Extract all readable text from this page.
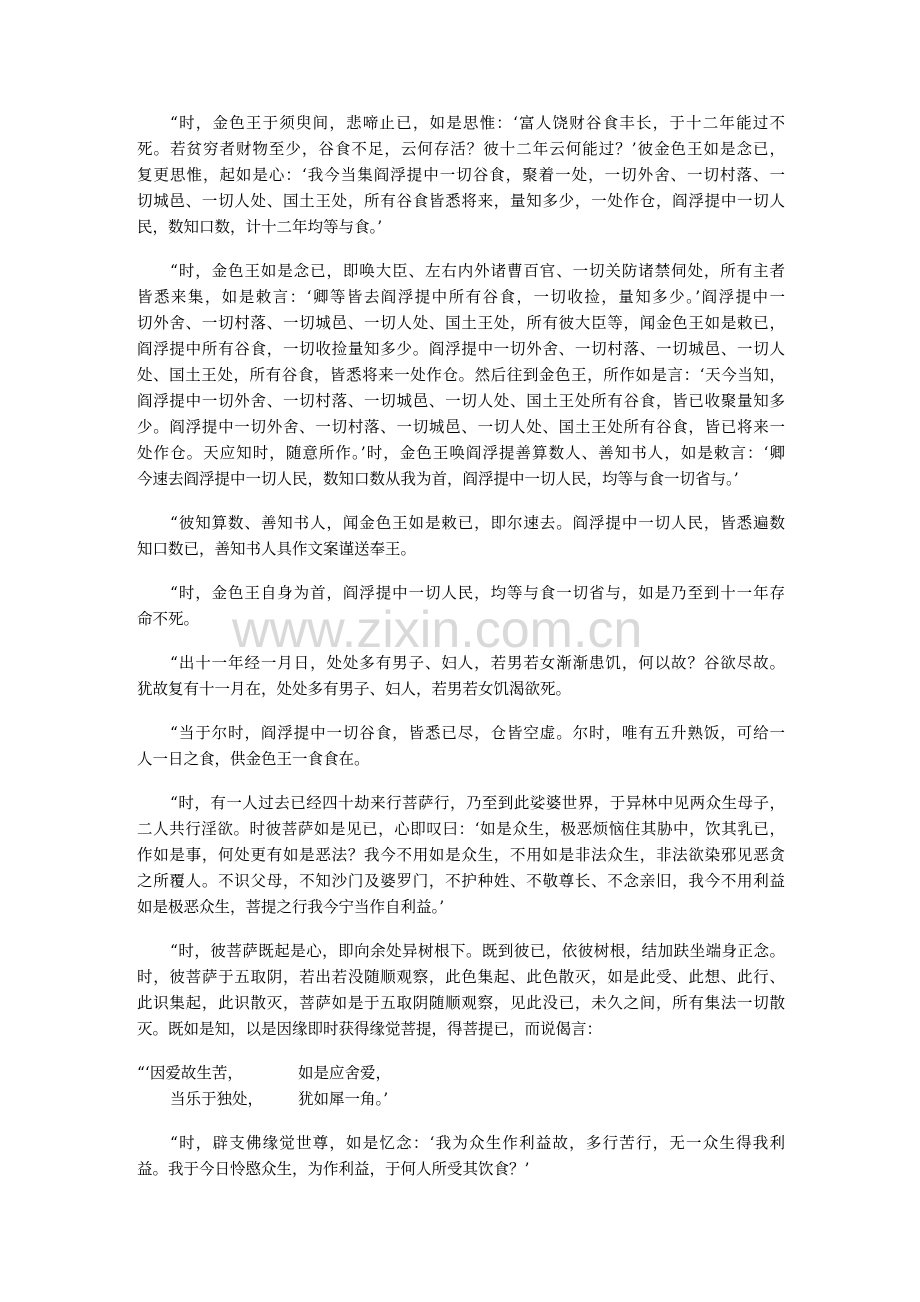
www.zixin.com.cn
“时，金色王于须臾间，悲啼止已，如是思惟：‘富人饶财谷食丰长，于十二年能过不
死。若贫穷者财物至少，谷食不足，云何存活？彼十二年云何能过？’彼金色王如是念已，
复更思惟，起如是心：‘我今当集阎浮提中一切谷食，聚着一处，一切外舍、一切村落、一
切城邑、一切人处、国土王处，所有谷食皆悉将来，量知多少，一处作仓，阎浮提中一切人
民，数知口数，计十二年均等与食。’
“时，金色王如是念已，即唤大臣、左右内外诸曹百官、一切关防诸禁伺处，所有主者
皆悉来集，如是敕言：‘卿等皆去阎浮提中所有谷食，一切收捡，量知多少。’阎浮提中一
切外舍、一切村落、一切城邑、一切人处、国土王处，所有彼大臣等，闻金色王如是敕已，
阎浮提中所有谷食，一切收捡量知多少。阎浮提中一切外舍、一切村落、一切城邑、一切人
处、国土王处，所有谷食，皆悉将来一处作仓。然后往到金色王，所作如是言：‘天今当知，
阎浮提中一切外舍、一切村落、一切城邑、一切人处、国土王处所有谷食，皆已收聚量知多
少。阎浮提中一切外舍、一切村落、一切城邑、一切人处、国土王处所有谷食，皆已将来一
处作仓。天应知时，随意所作。’时，金色王唤阎浮提善算数人、善知书人，如是敕言：‘卿
今速去阎浮提中一切人民，数知口数从我为首，阎浮提中一切人民，均等与食一切省与。’
“彼知算数、善知书人，闻金色王如是敕已，即尔速去。阎浮提中一切人民，皆悉遍数
知口数已，善知书人具作文案谨送奉王。
“时，金色王自身为首，阎浮提中一切人民，均等与食一切省与，如是乃至到十一年存
命不死。
“出十一年经一月日，处处多有男子、妇人，若男若女渐渐患饥，何以故？谷欲尽故。
犹故复有十一月在，处处多有男子、妇人，若男若女饥渴欲死。
“当于尔时，阎浮提中一切谷食，皆悉已尽，仓皆空虚。尔时，唯有五升熟饭，可给一
人一日之食，供金色王一食食在。
“时，有一人过去已经四十劫来行菩萨行，乃至到此娑婆世界，于异林中见两众生母子，
二人共行淫欲。时彼菩萨如是见已，心即叹曰：‘如是众生，极恶烦恼住其胁中，饮其乳已，
作如是事，何处更有如是恶法？我今不用如是众生，不用如是非法众生，非法欲染邪见恶贪
之所覆人。不识父母，不知沙门及婆罗门，不护种姓、不敬尊长、不念亲旧，我今不用利益
如是极恶众生，菩提之行我今宁当作自利益。’
“时，彼菩萨既起是心，即向余处异树根下。既到彼已，依彼树根，结加趺坐端身正念。
时，彼菩萨于五取阴，若出若没随顺观察，此色集起、此色散灭，如是此受、此想、此行、
此识集起，此识散灭，菩萨如是于五取阴随顺观察，见此没已，未久之间，所有集法一切散
灭。既如是知，以是因缘即时获得缘觉菩提，得菩提已，而说偈言：
“‘因爱故生苦，	如是应舍爱，
当乐于独处， 犹如犀一角。’
“时，辟支佛缘觉世尊，如是忆念：‘我为众生作利益故，多行苦行，无一众生得我利
益。我于今日怜愍众生，为作利益，于何人所受其饮食？’
